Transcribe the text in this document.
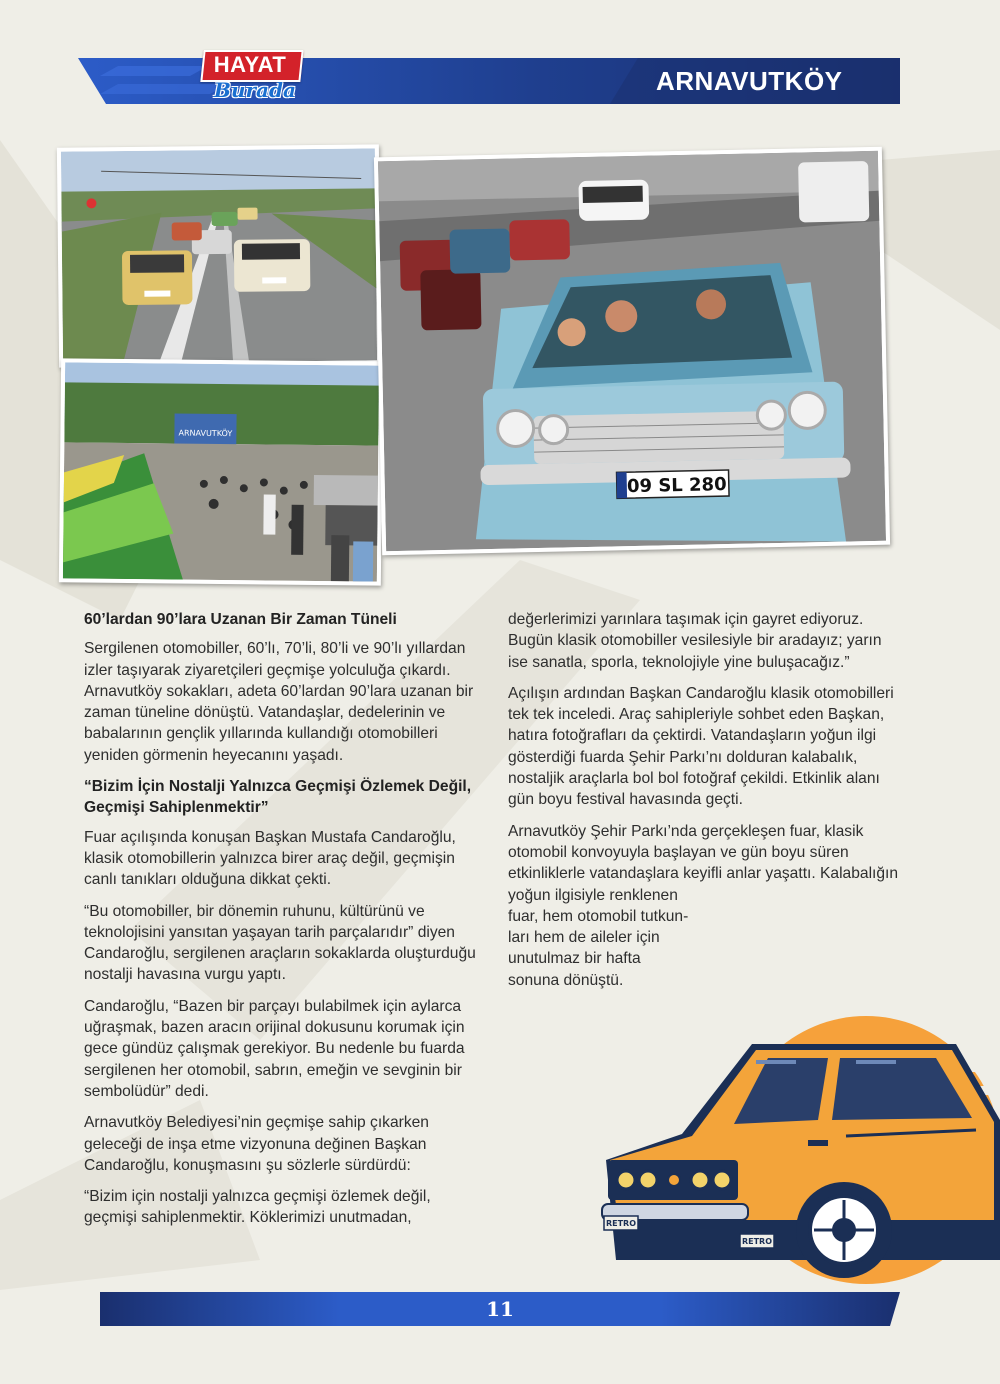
HAYAT
Burada	ARNAVUTKÖY
ARNAVUTKÖY
09 SL 280
60’lardan 90’lara Uzanan Bir Zaman Tüneli

Sergilenen otomobiller, 60’lı, 70’li, 80’li ve 90’lı yıllardan izler taşıyarak ziyaretçileri geçmişe yolculuğa çıkardı. Arnavutköy sokakları, adeta 60’lardan 90’lara uzanan bir zaman tüneline dönüştü. Vatandaşlar, dedelerinin ve babalarının gençlik yıllarında kullandığı otomobilleri yeniden görmenin heyecanını yaşadı.

“Bizim İçin Nostalji Yalnızca Geçmişi Özlemek Değil, Geçmişi Sahiplenmektir”

Fuar açılışında konuşan Başkan Mustafa Candaroğlu, klasik otomobillerin yalnızca birer araç değil, geçmişin canlı tanıkları olduğuna dikkat çekti.

“Bu otomobiller, bir dönemin ruhunu, kültürünü ve teknolojisini yansıtan yaşayan tarih parçalarıdır” diyen Candaroğlu, sergilenen araçların sokaklarda oluşturduğu nostalji havasına vurgu yaptı.

Candaroğlu, “Bazen bir parçayı bulabilmek için aylarca uğraşmak, bazen aracın orijinal dokusunu korumak için gece gündüz çalışmak gerekiyor. Bu nedenle bu fuarda sergilenen her otomobil, sabrın, emeğin ve sevginin bir sembolüdür” dedi.

Arnavutköy Belediyesi’nin geçmişe sahip çıkarken geleceği de inşa etme vizyonuna değinen Başkan Candaroğlu, konuşmasını şu sözlerle sürdürdü:

“Bizim için nostalji yalnızca geçmişi özlemek değil, geçmişi sahiplenmektir. Köklerimizi unutmadan,

değerlerimizi yarınlara taşımak için gayret ediyoruz. Bugün klasik otomobiller vesilesiyle bir aradayız; yarın ise sanatla, sporla, teknolojiyle yine buluşacağız.”

Açılışın ardından Başkan Candaroğlu klasik otomobilleri tek tek inceledi. Araç sahipleriyle sohbet eden Başkan, hatıra fotoğrafları da çektirdi. Vatandaşların yoğun ilgi gösterdiği fuarda Şehir Parkı’nı dolduran kalabalık, nostaljik araçlarla bol bol fotoğraf çekildi. Etkinlik alanı gün boyu festival havasında geçti.

Arnavutköy Şehir Parkı’nda gerçekleşen fuar, klasik otomobil konvoyuyla başlayan ve gün boyu süren etkinliklerle vatandaşlara keyifli anlar yaşattı. Kalabalığın yoğun ilgisiyle renklenen

fuar, hem otomobil tutkun-
ları hem de aileler için
unutulmaz bir hafta
sonuna dönüştü.
RETRO
RETRO
11
